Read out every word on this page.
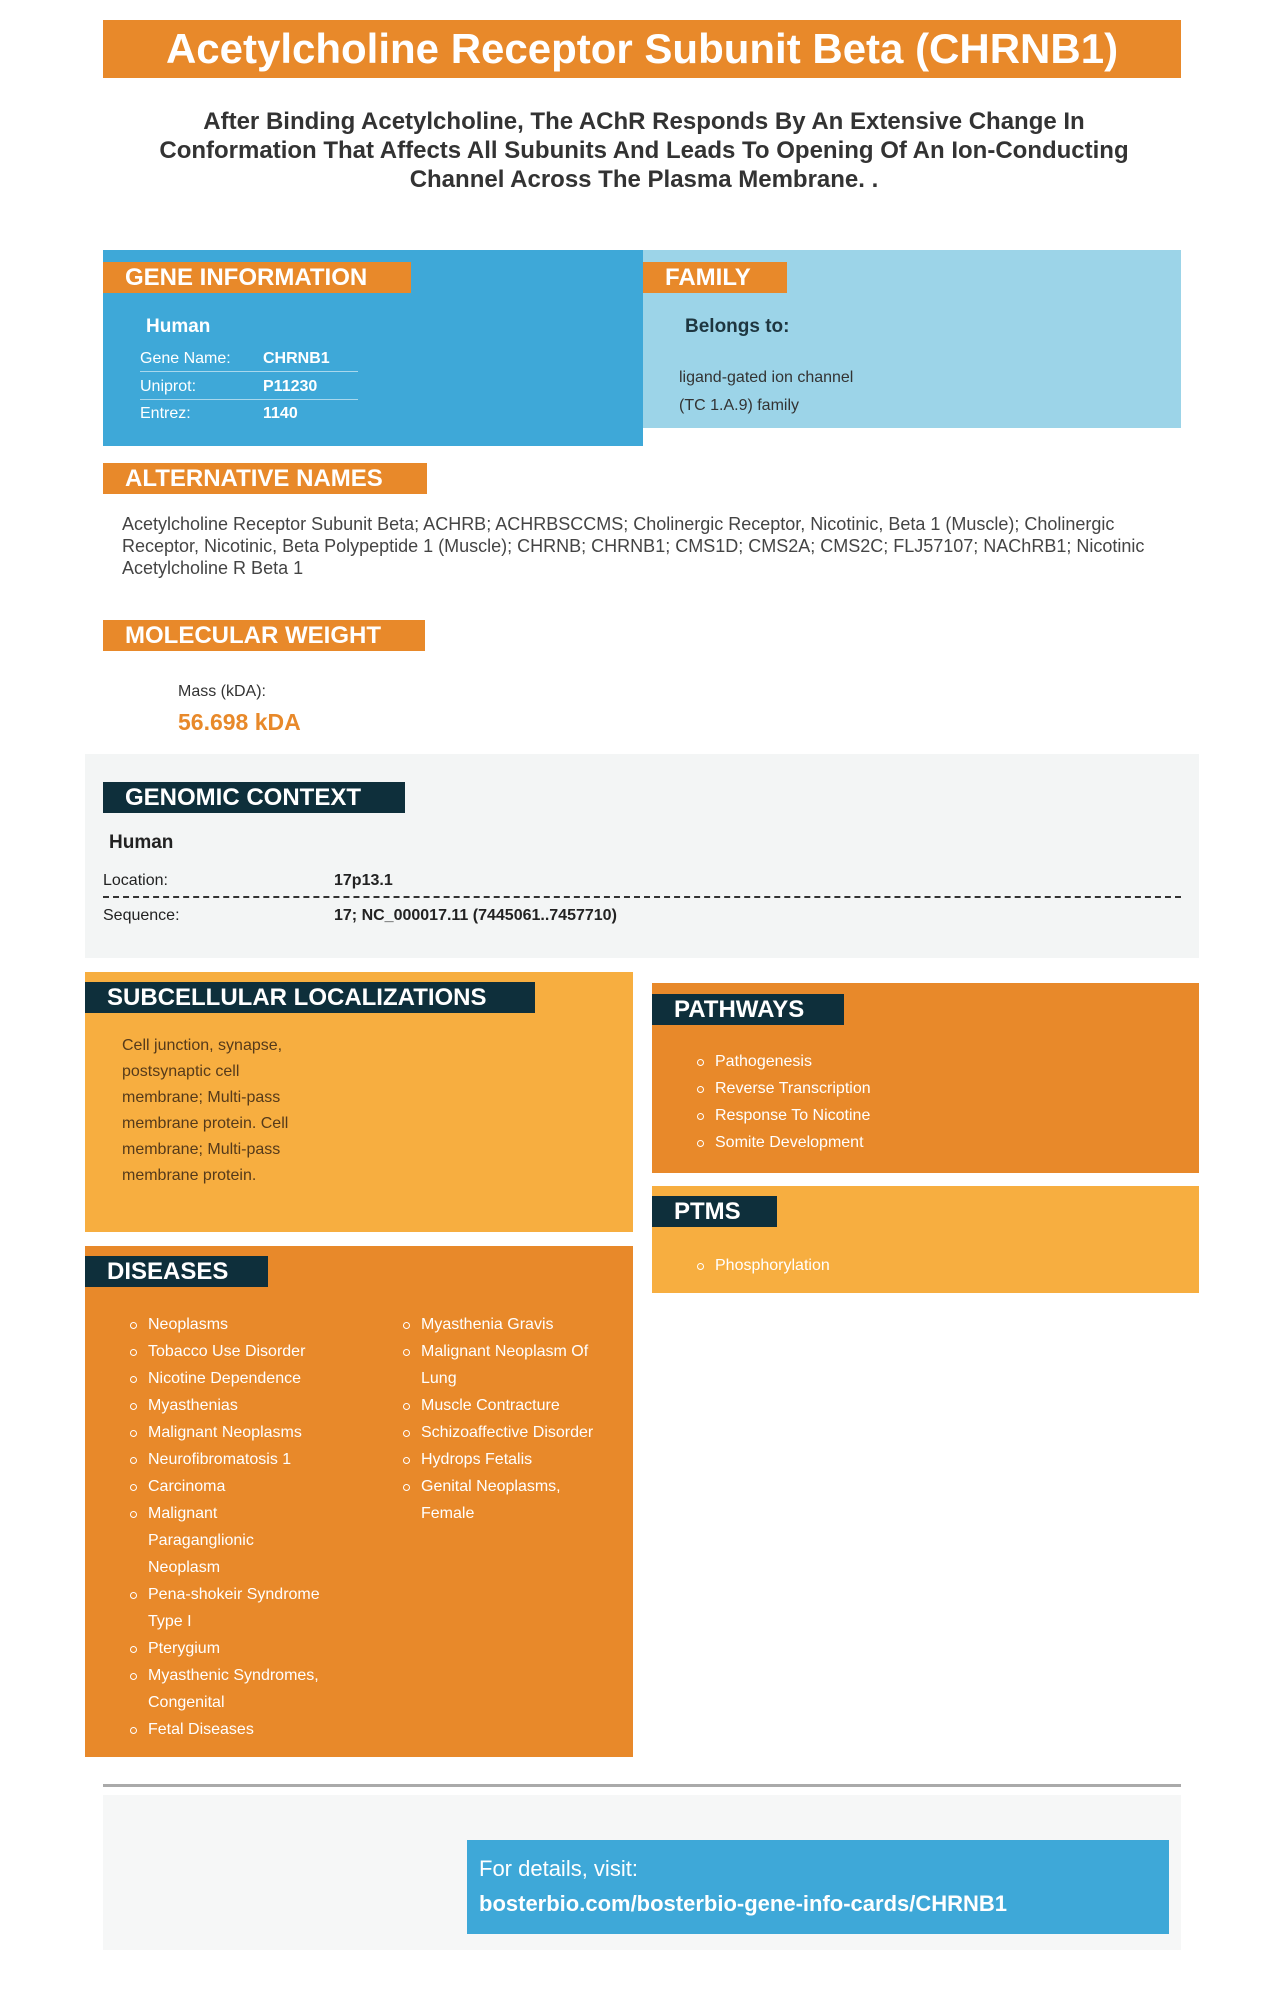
Acetylcholine Receptor Subunit Beta (CHRNB1)
After Binding Acetylcholine, The AChR Responds By An Extensive Change In Conformation That Affects All Subunits And Leads To Opening Of An Ion-Conducting Channel Across The Plasma Membrane. .
GENE INFORMATION
Human
Gene Name: CHRNB1
Uniprot:	P11230
Entrez:	1140
FAMILY
Belongs to:
ligand-gated ion channel
(TC 1.A.9) family
ALTERNATIVE NAMES
Acetylcholine Receptor Subunit Beta; ACHRB; ACHRBSCCMS; Cholinergic Receptor, Nicotinic, Beta 1 (Muscle); Cholinergic Receptor, Nicotinic, Beta Polypeptide 1 (Muscle); CHRNB; CHRNB1; CMS1D; CMS2A; CMS2C; FLJ57107; NAChRB1; Nicotinic Acetylcholine R Beta 1
MOLECULAR WEIGHT
Mass (kDA):
56.698 kDA
GENOMIC CONTEXT
Human
Location:	17p13.1
Sequence:	17; NC_000017.11 (7445061..7457710)
SUBCELLULAR LOCALIZATIONS
Cell junction, synapse, postsynaptic cell membrane; Multi-pass membrane protein. Cell membrane; Multi-pass membrane protein.
PATHWAYS
Pathogenesis
Reverse Transcription
Response To Nicotine
Somite Development
PTMS
Phosphorylation
DISEASES
Neoplasms
Tobacco Use Disorder
Nicotine Dependence
Myasthenias
Malignant Neoplasms
Neurofibromatosis 1
Carcinoma
Malignant Paraganglionic Neoplasm
Pena-shokeir Syndrome Type I
Pterygium
Myasthenic Syndromes, Congenital
Fetal Diseases
Myasthenia Gravis
Malignant Neoplasm Of Lung
Muscle Contracture
Schizoaffective Disorder
Hydrops Fetalis
Genital Neoplasms, Female
For details, visit:
bosterbio.com/bosterbio-gene-info-cards/CHRNB1
